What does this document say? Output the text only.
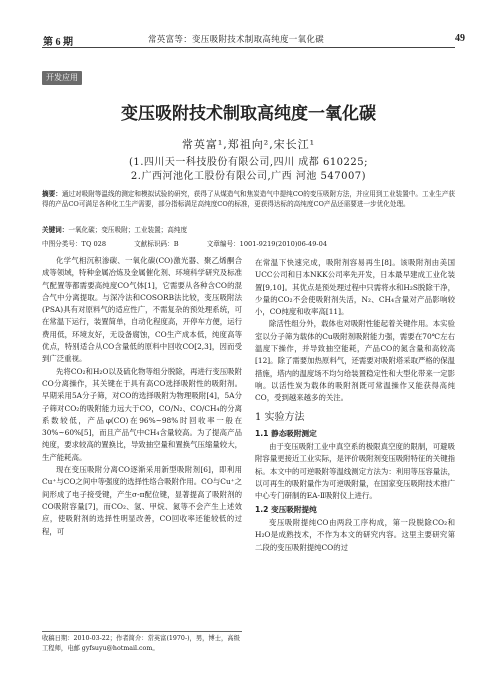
第 6 期	常英富等：变压吸附技术制取高纯度一氧化碳	49
开发应用
变压吸附技术制取高纯度一氧化碳
常英富¹,郑祖向²,宋长江¹
(1.四川天一科技股份有限公司,四川 成都 610225;
2.广西河池化工股份有限公司,广西 河池 547007)
摘要：通过对吸附等温线的测定和模拟试验的研究，获得了从煤造气和焦炭造气中提纯CO的变压吸附方法，并应用到工业装置中。工业生产获得的产品CO可满足各种化工生产需要，部分指标满足高纯度CO的标准，更获得达标的高纯度CO产品还需要进一步优化处理。
关键词：一氧化碳；变压吸附；工业装置；高纯度
中图分类号：TQ 028	文献标识码：B	文章编号：1001-9219(2010)06-49-04

化学气相沉积渗碳、一氧化碳(CO)激光器、聚乙烯酮合成等领域，特种金属冶炼及金属催化剂、环境科学研究及标准气配置等都需要高纯度CO气体[1]，它需要从各种含CO的混合气中分离提取。与深冷法和COSORB法比较，变压吸附法(PSA)具有对原料气的适应性广，不需复杂的预处理系统，可在常温下运行，装置简单，自动化程度高，开停车方便，运行费用低，环境友好，无设备腐蚀，CO生产成本低，纯度高等优点，特别适合从CO含量低的原料中回收CO[2,3]，因而受到广泛重视。

先将CO₂和H₂O以及硫化物等组分脱除，再进行变压吸附CO分离操作，其关键在于具有高CO选择吸附性的吸附剂。早期采用5A分子筛，对CO的选择吸附为物理吸附[4]，5A分子筛对CO₂的吸附能力远大于CO，CO/N₂、CO/CH₄的分离系数较低，产品φ(CO)在96%~98%时回收率一般在30%~60%[5]，而且产品气中CH₄含量较高。为了提高产品纯度，要求较高的置换比，导致抽空量和置换气压缩量较大，生产能耗高。

现在变压吸附分离CO逐渐采用新型吸附剂[6]，即利用Cu⁺与CO之间中等强度的选择性络合吸附作用。CO与Cu⁺之间形成了电子接受键，产生σ-π配位键，显著提高了吸附剂的CO吸附容量[7]，而CO₂、氢、甲烷、氮等不会产生上述效应，使吸附剂的选择性明显改善，CO回收率还能较低的过程，可

在常温下快速完成，吸附剂容易再生[8]。该吸附剂由美国UCC公司和日本NKK公司率先开发，日本最早建成工业化装置[9,10]。其优点是预处理过程中只需将水和H₂S脱除干净，少量的CO₂不会使吸附剂失活，N₂、CH₄含量对产品影响较小，CO纯度和收率高[11]。

除活性组分外，载体也对吸附性能起着关键作用。本实验室以分子筛为载体的Cu吸附剂吸附能力强，需要在70℃左右温度下操作，并导致抽空能耗，产品CO的氮含量和高较高[12]。除了需要加热原料气，还需要对吸附塔采取严格的保温措施，塔内的温度场不均匀给装置稳定性和大型化带来一定影响。以活性炭为载体的吸附剂既可常温操作又能获得高纯CO，受到越来越多的关注。

1 实验方法
1.1 静态吸附测定

由于变压吸附工业中真空系的极限真空度的限制，可避吸附容量更接近工业实际，是评价吸附剂变压吸附特征的关键指标。本文中的可逆吸附等温线测定方法为：利用等压容量法，以可再生的吸附量作为可逆吸附量，在国家变压吸附技术推广中心专门研制的EA-Ⅱ吸附仪上进行。

1.2 变压吸附提纯

变压吸附提纯CO由两段工序构成，第一段脱除CO₂和H₂O是成熟技术，不作为本文的研究内容。这里主要研究第二段的变压吸附提纯CO的过

收稿日期：2010-03-22；作者简介：常英富(1970-)，男，博士，高级工程师，电邮 gyfsuyu@hotmail.com。
